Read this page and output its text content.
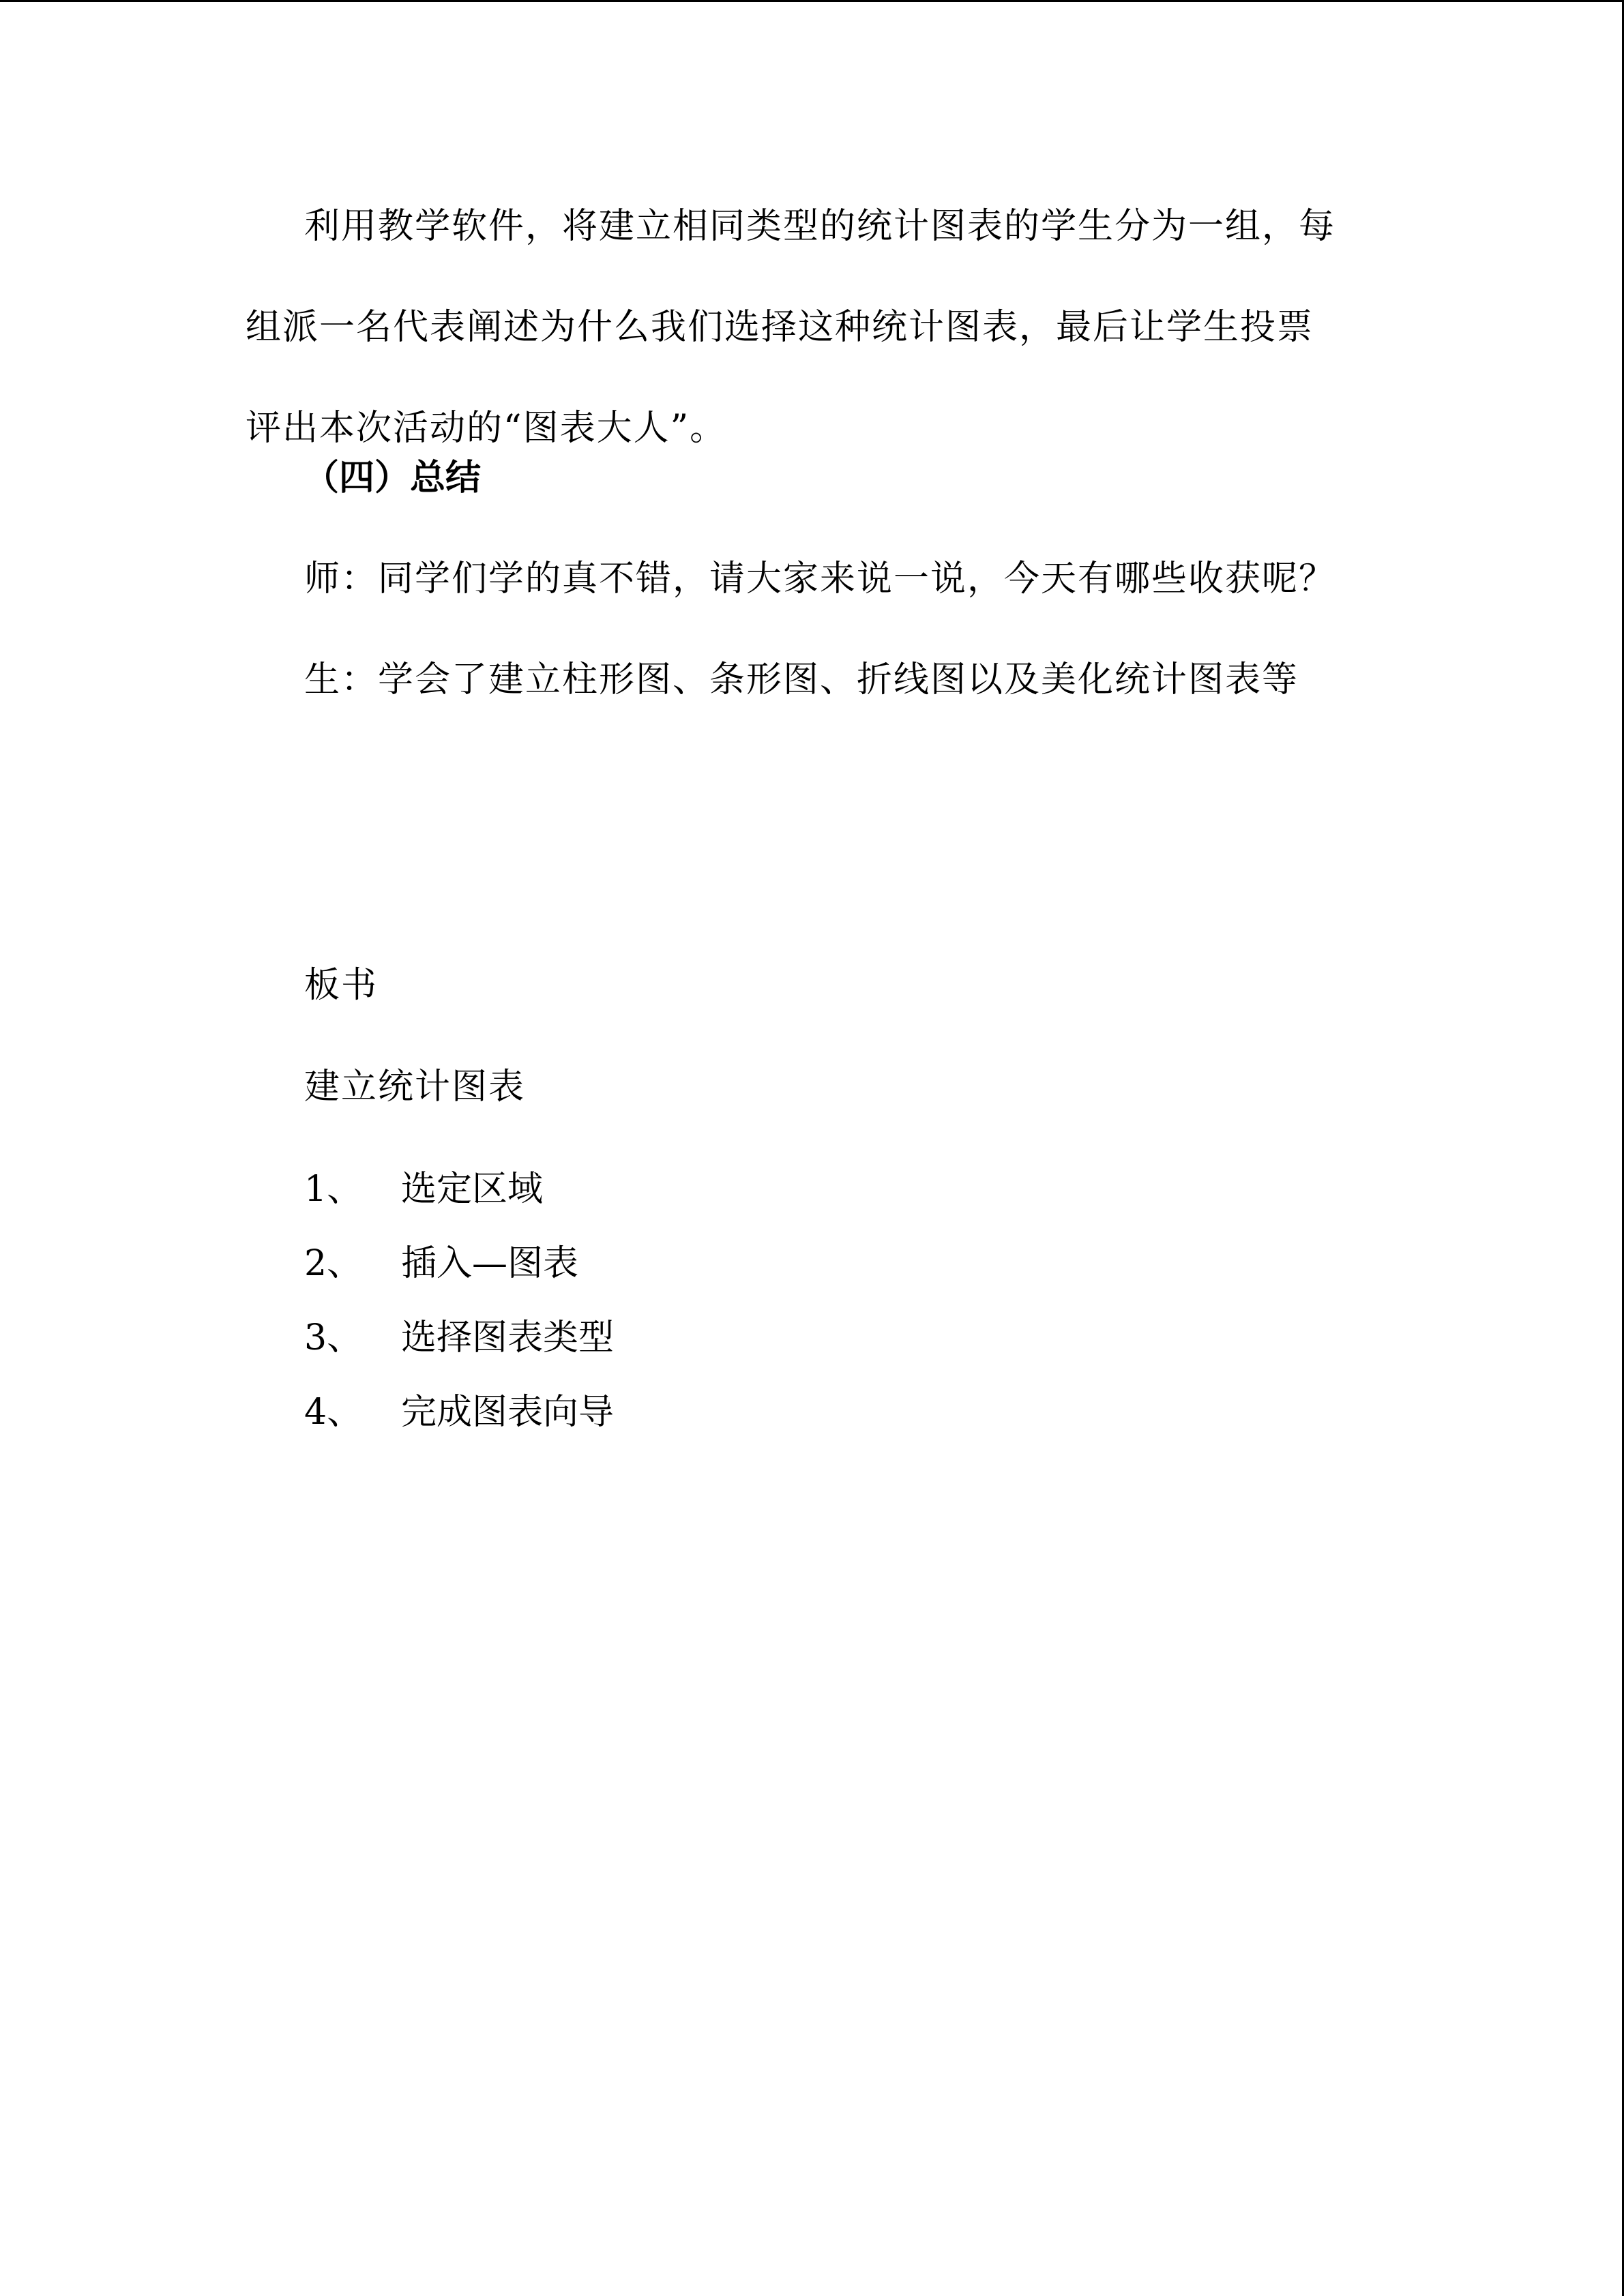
利用教学软件，将建立相同类型的统计图表的学生分为一组，每
组派一名代表阐述为什么我们选择这种统计图表，最后让学生投票
评出本次活动的“图表大人”。
（四）总结

师：同学们学的真不错，请大家来说一说，今天有哪些收获呢？

生：学会了建立柱形图、条形图、折线图以及美化统计图表等

板书

建立统计图表

1、 选定区域

2、 插入—图表

3、 选择图表类型

4、 完成图表向导
